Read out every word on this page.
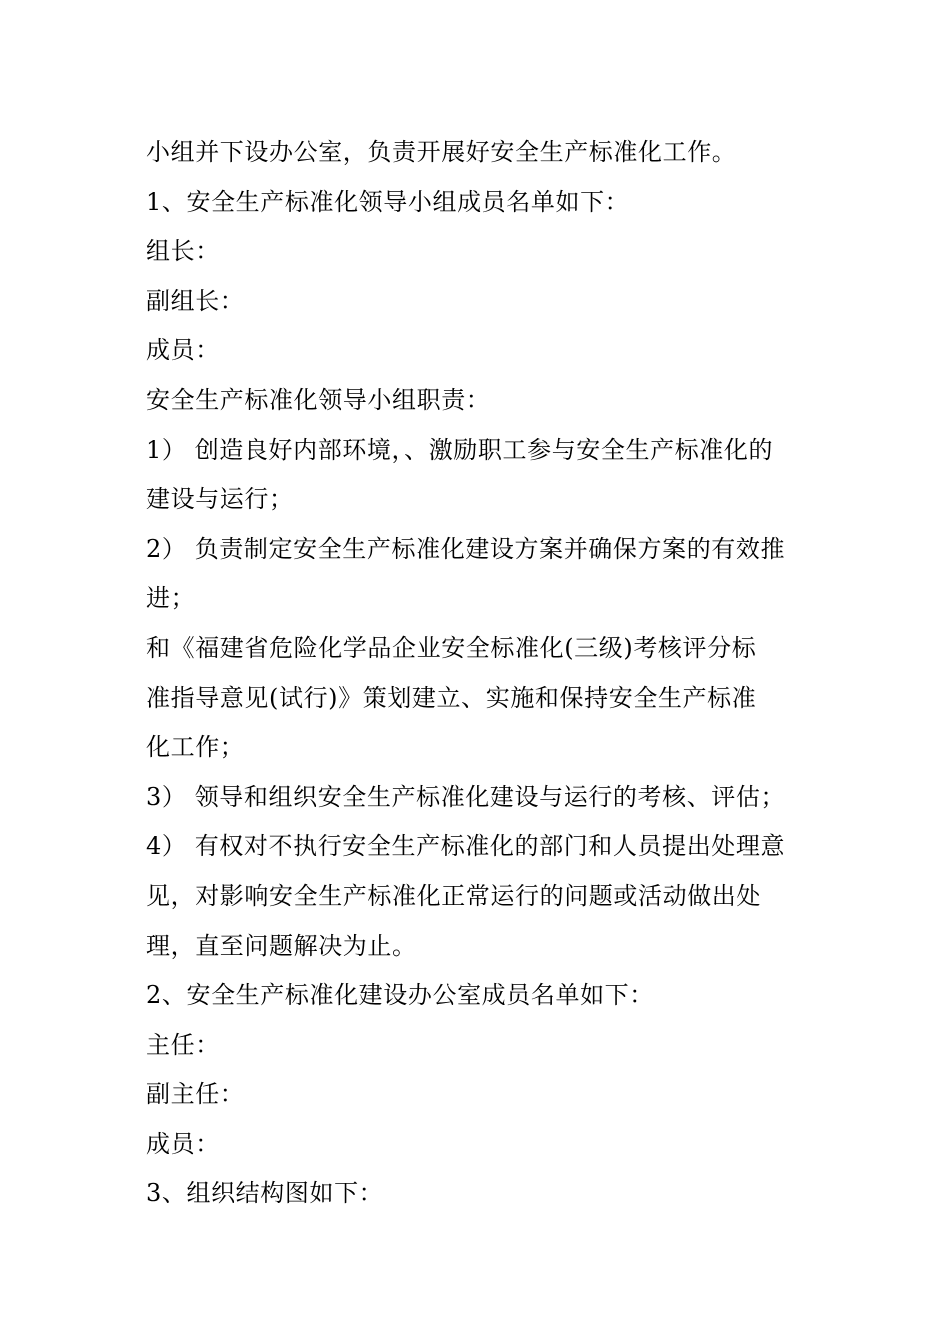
小组并下设办公室，负责开展好安全生产标准化工作。
1、安全生产标准化领导小组成员名单如下：
组长：
副组长：
成员：
安全生产标准化领导小组职责：
1） 创造良好内部环境，、激励职工参与安全生产标准化的
建设与运行；
2） 负责制定安全生产标准化建设方案并确保方案的有效推
进；
和《福建省危险化学品企业安全标准化(三级)考核评分标
准指导意见(试行)》策划建立、实施和保持安全生产标准
化工作；
3） 领导和组织安全生产标准化建设与运行的考核、评估；
4） 有权对不执行安全生产标准化的部门和人员提出处理意
见，对影响安全生产标准化正常运行的问题或活动做出处
理，直至问题解决为止。
2、安全生产标准化建设办公室成员名单如下：
主任：
副主任：
成员：
3、组织结构图如下：
